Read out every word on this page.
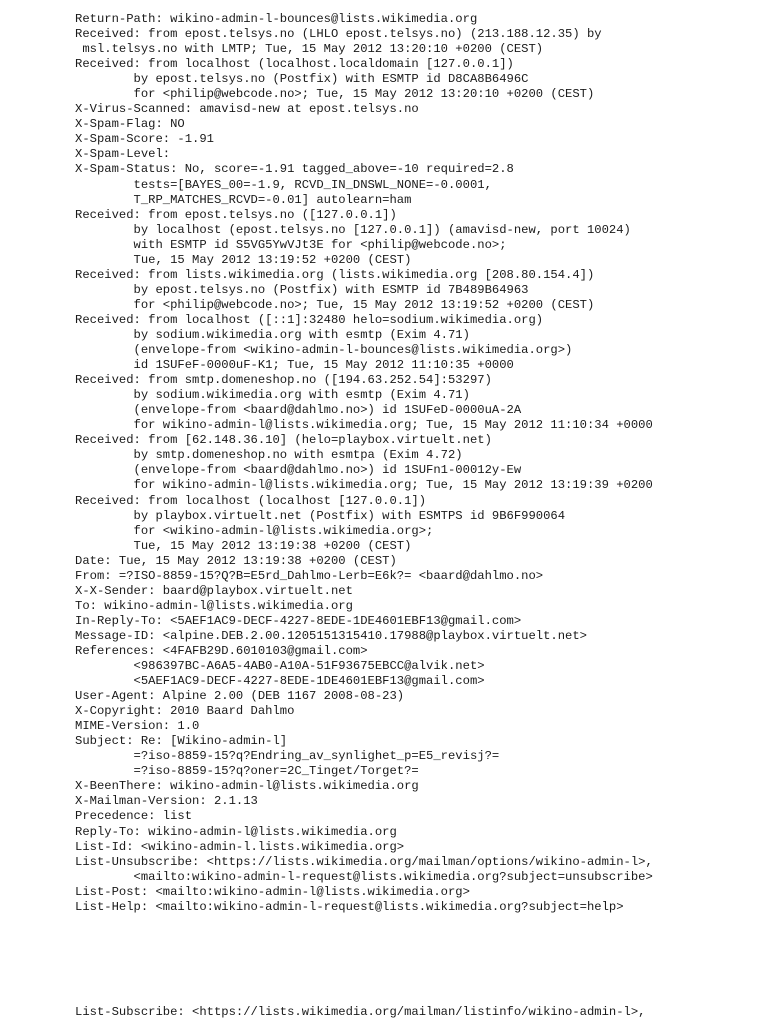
Return-Path: wikino-admin-l-bounces@lists.wikimedia.org
Received: from epost.telsys.no (LHLO epost.telsys.no) (213.188.12.35) by
msl.telsys.no with LMTP; Tue, 15 May 2012 13:20:10 +0200 (CEST)
Received: from localhost (localhost.localdomain [127.0.0.1])
by epost.telsys.no (Postfix) with ESMTP id D8CA8B6496C
for <philip@webcode.no>; Tue, 15 May 2012 13:20:10 +0200 (CEST)
X-Virus-Scanned: amavisd-new at epost.telsys.no
X-Spam-Flag: NO
X-Spam-Score: -1.91
X-Spam-Level:
X-Spam-Status: No, score=-1.91 tagged_above=-10 required=2.8
tests=[BAYES_00=-1.9, RCVD_IN_DNSWL_NONE=-0.0001,
T_RP_MATCHES_RCVD=-0.01] autolearn=ham
Received: from epost.telsys.no ([127.0.0.1])
by localhost (epost.telsys.no [127.0.0.1]) (amavisd-new, port 10024)
with ESMTP id S5VG5YwVJt3E for <philip@webcode.no>;
Tue, 15 May 2012 13:19:52 +0200 (CEST)
Received: from lists.wikimedia.org (lists.wikimedia.org [208.80.154.4])
by epost.telsys.no (Postfix) with ESMTP id 7B489B64963
for <philip@webcode.no>; Tue, 15 May 2012 13:19:52 +0200 (CEST)
Received: from localhost ([::1]:32480 helo=sodium.wikimedia.org)
by sodium.wikimedia.org with esmtp (Exim 4.71)
(envelope-from <wikino-admin-l-bounces@lists.wikimedia.org>)
id 1SUFeF-0000uF-K1; Tue, 15 May 2012 11:10:35 +0000
Received: from smtp.domeneshop.no ([194.63.252.54]:53297)
by sodium.wikimedia.org with esmtp (Exim 4.71)
(envelope-from <baard@dahlmo.no>) id 1SUFeD-0000uA-2A
for wikino-admin-l@lists.wikimedia.org; Tue, 15 May 2012 11:10:34 +0000
Received: from [62.148.36.10] (helo=playbox.virtuelt.net)
by smtp.domeneshop.no with esmtpa (Exim 4.72)
(envelope-from <baard@dahlmo.no>) id 1SUFn1-00012y-Ew
for wikino-admin-l@lists.wikimedia.org; Tue, 15 May 2012 13:19:39 +0200
Received: from localhost (localhost [127.0.0.1])
by playbox.virtuelt.net (Postfix) with ESMTPS id 9B6F990064
for <wikino-admin-l@lists.wikimedia.org>;
Tue, 15 May 2012 13:19:38 +0200 (CEST)
Date: Tue, 15 May 2012 13:19:38 +0200 (CEST)
From: =?ISO-8859-15?Q?B=E5rd_Dahlmo-Lerb=E6k?= <baard@dahlmo.no>
X-X-Sender: baard@playbox.virtuelt.net
To: wikino-admin-l@lists.wikimedia.org
In-Reply-To: <5AEF1AC9-DECF-4227-8EDE-1DE4601EBF13@gmail.com>
Message-ID: <alpine.DEB.2.00.1205151315410.17988@playbox.virtuelt.net>
References: <4FAFB29D.6010103@gmail.com>
<986397BC-A6A5-4AB0-A10A-51F93675EBCC@alvik.net>
<5AEF1AC9-DECF-4227-8EDE-1DE4601EBF13@gmail.com>
User-Agent: Alpine 2.00 (DEB 1167 2008-08-23)
X-Copyright: 2010 Baard Dahlmo
MIME-Version: 1.0
Subject: Re: [Wikino-admin-l]
=?iso-8859-15?q?Endring_av_synlighet_p=E5_revisj?=
=?iso-8859-15?q?oner=2C_Tinget/Torget?=
X-BeenThere: wikino-admin-l@lists.wikimedia.org
X-Mailman-Version: 2.1.13
Precedence: list
Reply-To: wikino-admin-l@lists.wikimedia.org
List-Id: <wikino-admin-l.lists.wikimedia.org>
List-Unsubscribe: <https://lists.wikimedia.org/mailman/options/wikino-admin-l>,
<mailto:wikino-admin-l-request@lists.wikimedia.org?subject=unsubscribe>
List-Post: <mailto:wikino-admin-l@lists.wikimedia.org>
List-Help: <mailto:wikino-admin-l-request@lists.wikimedia.org?subject=help>
List-Subscribe: <https://lists.wikimedia.org/mailman/listinfo/wikino-admin-l>,
